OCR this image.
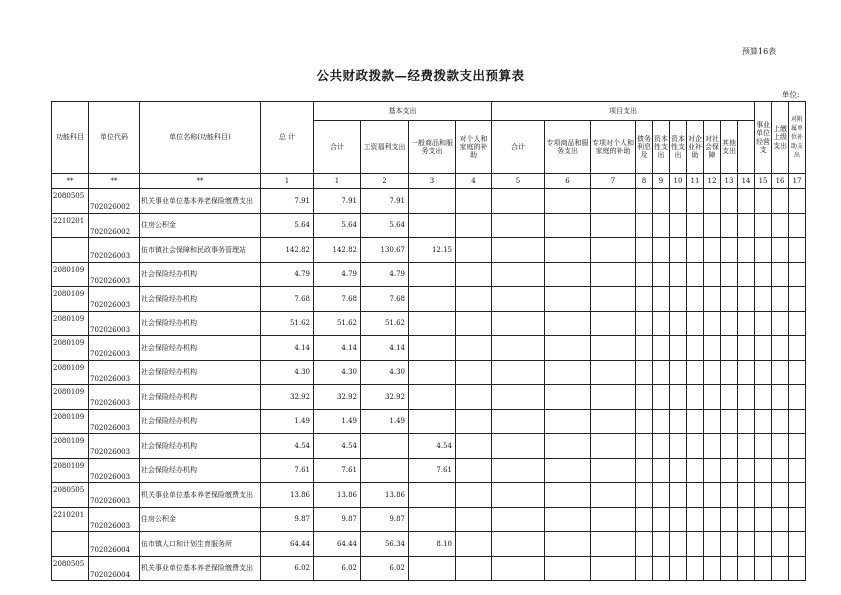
预算16表
公共财政拨款—经费拨款支出预算表
单位:
功能科目	单位代码	单位名称(功能科目)	总 计	基本支出				项目支出										事业单位经营支	上缴上级支出	对附属单位补助支出
				合计	工资福利支出	一般商品和服务支出	对个人和家庭的补助	合计	专项商品和服务支出	专项对个人和家庭的补助	债务利息及	资本性支出	资本性支出	对企业补助	对社会保障	其他支出				
**	**	**	1	1	2	3	4	5	6	7	8	9	10	11	12	13	14	15	16	17
2080505	702026002	机关事业单位基本养老保险缴费支出	7.91	7.91	7.91															
2210201	702026002	住房公积金	5.64	5.64	5.64															
	702026003	伍市镇社会保障和民政事务管理站	142.82	142.82	130.67	12.15														
2080109	702026003	社会保险经办机构	4.79	4.79	4.79															
2080109	702026003	社会保险经办机构	7.68	7.68	7.68															
2080109	702026003	社会保险经办机构	51.62	51.62	51.62															
2080109	702026003	社会保险经办机构	4.14	4.14	4.14															
2080109	702026003	社会保险经办机构	4.30	4.30	4.30															
2080109	702026003	社会保险经办机构	32.92	32.92	32.92															
2080109	702026003	社会保险经办机构	1.49	1.49	1.49															
2080109	702026003	社会保险经办机构	4.54	4.54		4.54														
2080109	702026003	社会保险经办机构	7.61	7.61		7.61														
2080505	702026003	机关事业单位基本养老保险缴费支出	13.86	13.86	13.86															
2210201	702026003	住房公积金	9.87	9.87	9.87															
	702026004	伍市镇人口和计划生育服务所	64.44	64.44	56.34	8.10														
2080505	702026004	机关事业单位基本养老保险缴费支出	6.02	6.02	6.02															
